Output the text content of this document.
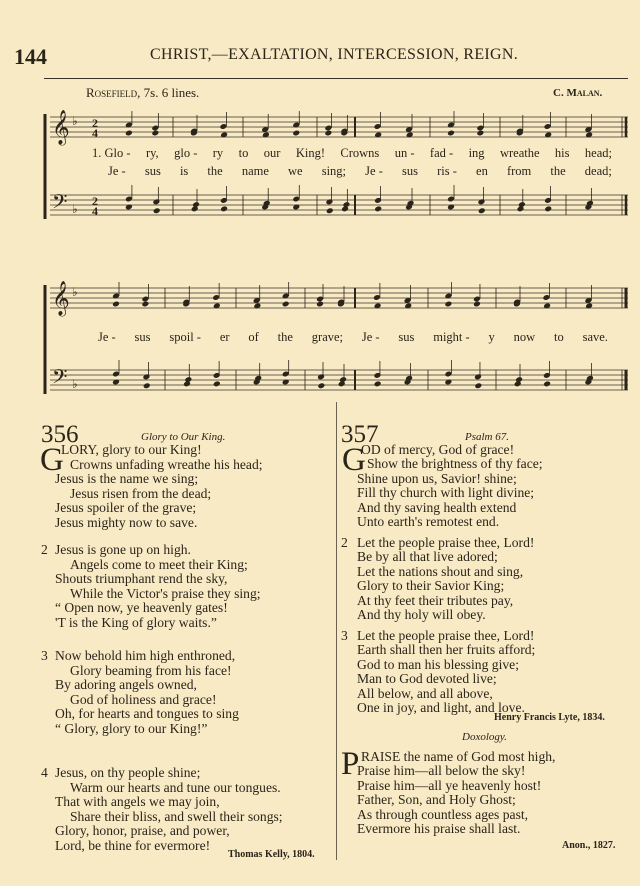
144	CHRIST,—EXALTATION, INTERCESSION, REIGN.
Rosefield, 7s. 6 lines.	C. Malan.
𝄞
𝄢
♭
♭
2
4
2
4
𝄞
𝄢
♭
♭
1. Glo - ry, glo - ry to our King! Crowns un - fad - ing wreathe his head;
Je - sus is the name we sing; Je - sus ris - en from the dead;
Je - sus spoil - er of the grave; Je - sus might - y now to save.
356	Glory to Our King.
G
Thomas Kelly, 1804.
357	Psalm 67.
G
Henry Francis Lyte, 1834.
Doxology.
P
Anon., 1827.
LORY, glory to our King!
Crowns unfading wreathe his head;
Jesus is the name we sing;
Jesus risen from the dead;
Jesus spoiler of the grave;
Jesus mighty now to save.
2 Jesus is gone up on high.
Angels come to meet their King;
Shouts triumphant rend the sky,
While the Victor's praise they sing;
“ Open now, ye heavenly gates!
'T is the King of glory waits.”
3 Now behold him high enthroned,
Glory beaming from his face!
By adoring angels owned,
God of holiness and grace!
Oh, for hearts and tongues to sing
“ Glory, glory to our King!”
4 Jesus, on thy people shine;
Warm our hearts and tune our tongues.
That with angels we may join,
Share their bliss, and swell their songs;
Glory, honor, praise, and power,
Lord, be thine for evermore!
OD of mercy, God of grace!
Show the brightness of thy face;
Shine upon us, Savior! shine;
Fill thy church with light divine;
And thy saving health extend
Unto earth's remotest end.
2 Let the people praise thee, Lord!
Be by all that live adored;
Let the nations shout and sing,
Glory to their Savior King;
At thy feet their tributes pay,
And thy holy will obey.
3 Let the people praise thee, Lord!
Earth shall then her fruits afford;
God to man his blessing give;
Man to God devoted live;
All below, and all above,
One in joy, and light, and love.
RAISE the name of God most high,
Praise him—all below the sky!
Praise him—all ye heavenly host!
Father, Son, and Holy Ghost;
As through countless ages past,
Evermore his praise shall last.
